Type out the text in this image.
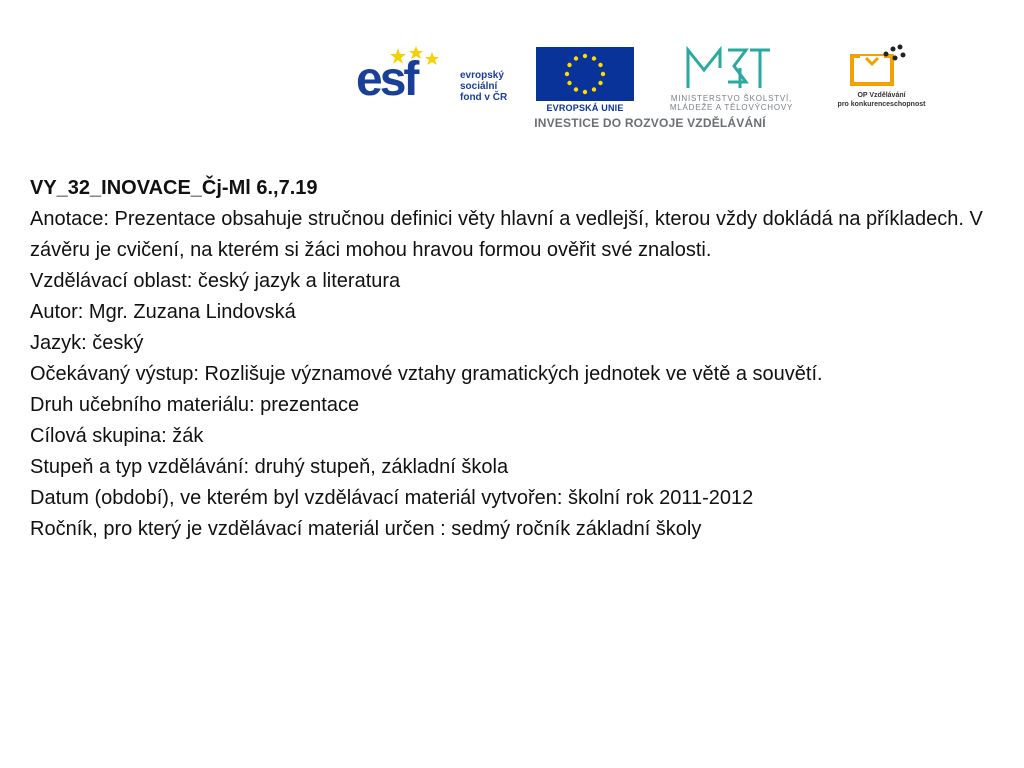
esf	evropský
sociální
fond v ČR
EVROPSKÁ UNIE
MINISTERSTVO ŠKOLSTVÍ,
MLÁDEŽE A TĚLOVÝCHOVY
OP Vzdělávání
pro konkurenceschopnost
INVESTICE DO ROZVOJE VZDĚLÁVÁNÍ

VY_32_INOVACE_Čj-Ml 6.,7.19

Anotace: Prezentace obsahuje stručnou definici věty hlavní a vedlejší, kterou vždy dokládá na příkladech. V závěru je cvičení, na kterém si žáci mohou hravou formou ověřit své znalosti.

Vzdělávací oblast: český jazyk a literatura

Autor: Mgr. Zuzana Lindovská

Jazyk: český

Očekávaný výstup: Rozlišuje významové vztahy gramatických jednotek ve větě a souvětí.

Druh učebního materiálu: prezentace

Cílová skupina: žák

Stupeň a typ vzdělávání: druhý stupeň, základní škola

Datum (období), ve kterém byl vzdělávací materiál vytvořen: školní rok 2011-2012

Ročník, pro který je vzdělávací materiál určen : sedmý ročník základní školy
